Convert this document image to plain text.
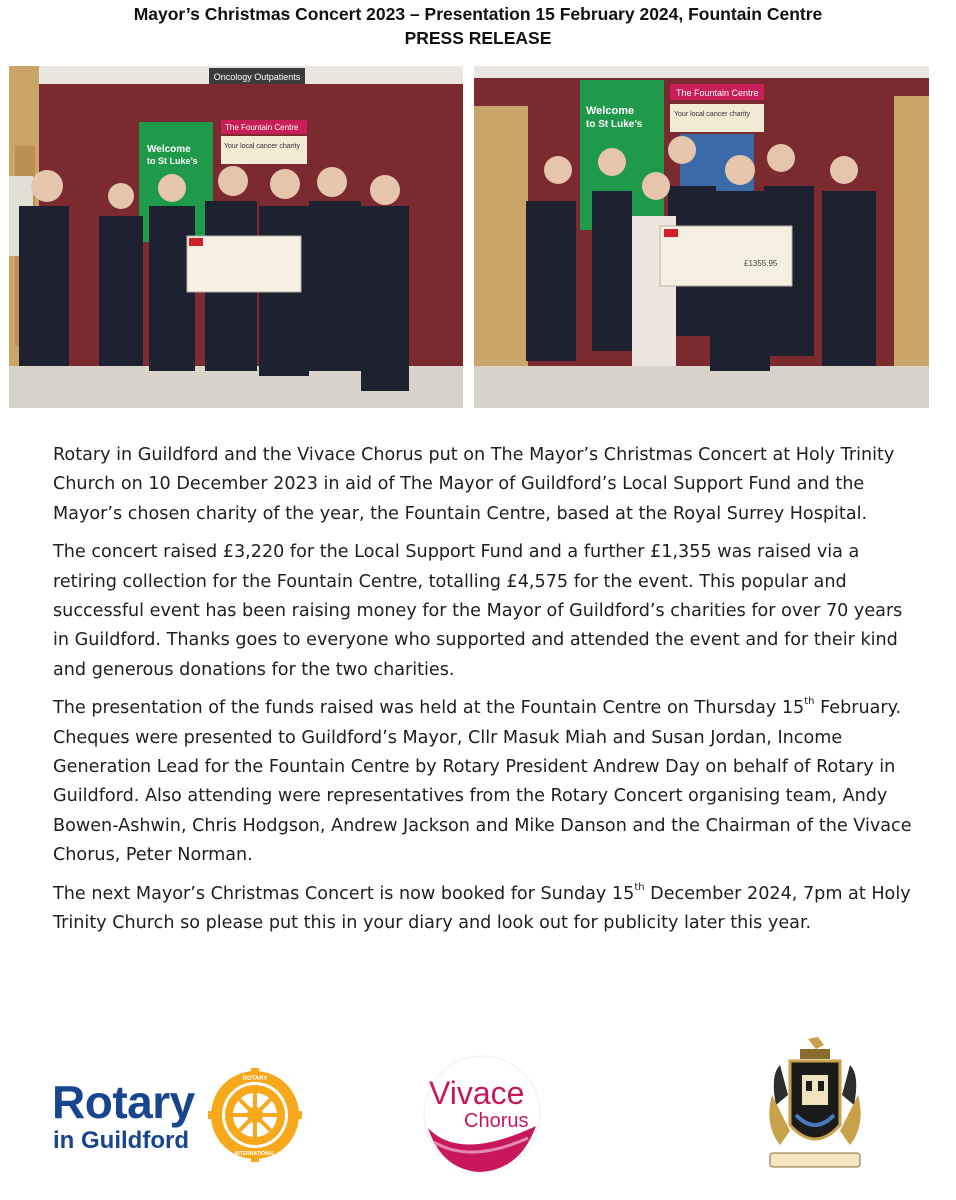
Mayor’s Christmas Concert 2023 – Presentation 15 February 2024, Fountain Centre
PRESS RELEASE
Oncology Outpatients
Welcome
to St Luke’s
The Fountain Centre
Your local cancer charity
Welcome
to St Luke’s
The Fountain Centre
Your local cancer charity
£1355.95

Rotary in Guildford and the Vivace Chorus put on The Mayor’s Christmas Concert at Holy Trinity Church on 10 December 2023 in aid of The Mayor of Guildford’s Local Support Fund and the Mayor’s chosen charity of the year, the Fountain Centre, based at the Royal Surrey Hospital.

The concert raised £3,220 for the Local Support Fund and a further £1,355 was raised via a retiring collection for the Fountain Centre, totalling £4,575 for the event. This popular and successful event has been raising money for the Mayor of Guildford’s charities for over 70 years in Guildford. Thanks goes to everyone who supported and attended the event and for their kind and generous donations for the two charities.

The presentation of the funds raised was held at the Fountain Centre on Thursday 15th February. Cheques were presented to Guildford’s Mayor, Cllr Masuk Miah and Susan Jordan, Income Generation Lead for the Fountain Centre by Rotary President Andrew Day on behalf of Rotary in Guildford. Also attending were representatives from the Rotary Concert organising team, Andy Bowen-Ashwin, Chris Hodgson, Andrew Jackson and Mike Danson and the Chairman of the Vivace Chorus, Peter Norman.

The next Mayor’s Christmas Concert is now booked for Sunday 15th December 2024, 7pm at Holy Trinity Church so please put this in your diary and look out for publicity later this year.

Rotary
in Guildford
ROTARY
INTERNATIONAL
Vivace
Chorus
